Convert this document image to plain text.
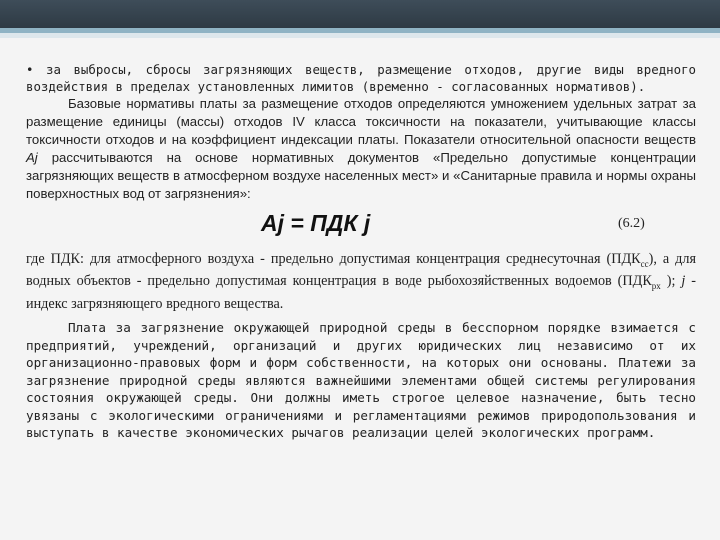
• за выбросы, сбросы загрязняющих веществ, размещение отходов, другие виды вредного воздействия в пределах установленных лимитов (временно - согласованных нормативов).

Базовые нормативы платы за размещение отходов определяются умножением удельных затрат за размещение единицы (массы) отходов IV класса токсичности на показатели, учитывающие классы токсичности отходов и на коэффициент индексации платы. Показатели относительной опасности веществ Aj рассчитываются на основе нормативных документов «Предельно допустимые концентрации загрязняющих веществ в атмосферном воздухе населенных мест» и «Санитарные правила и нормы охраны поверхностных вод от загрязнения»:

Aj = ПДК j	(6.2)

где ПДК: для атмосферного воздуха - предельно допустимая концентрация среднесуточная $(ПДК_{сс})$, а для водных объектов - предельно допустимая концентрация в воде рыбохозяйственных водоемов ($ПДК_{рх}$ ); j - индекс загрязняющего вредного вещества.

Плата за загрязнение окружающей природной среды в бесспорном порядке взимается с предприятий, учреждений, организаций и других юридических лиц независимо от их организационно-правовых форм и форм собственности, на которых они основаны. Платежи за загрязнение природной среды являются важнейшими элементами общей системы регулирования состояния окружающей среды. Они должны иметь строгое целевое назначение, быть тесно увязаны с экологическими ограничениями и регламентациями режимов природопользования и выступать в качестве экономических рычагов реализации целей экологических программ.
